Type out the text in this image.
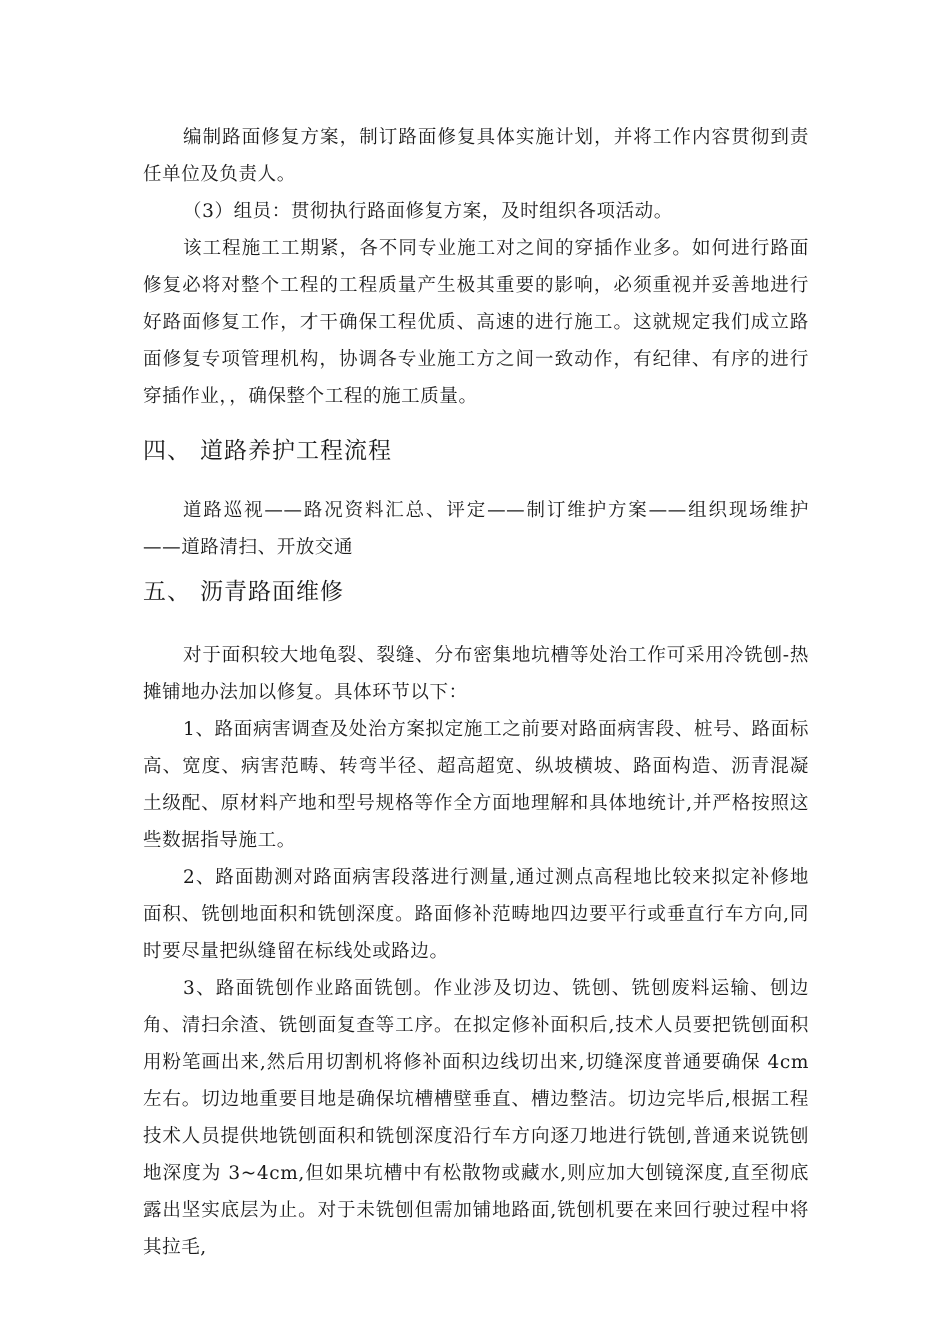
编制路面修复方案，制订路面修复具体实施计划，并将工作内容贯彻到责任单位及负责人。

（3）组员：贯彻执行路面修复方案，及时组织各项活动。

该工程施工工期紧，各不同专业施工对之间的穿插作业多。如何进行路面修复必将对整个工程的工程质量产生极其重要的影响，必须重视并妥善地进行好路面修复工作，才干确保工程优质、高速的进行施工。这就规定我们成立路面修复专项管理机构，协调各专业施工方之间一致动作，有纪律、有序的进行穿插作业，，确保整个工程的施工质量。

四、 道路养护工程流程

道路巡视——路况资料汇总、评定——制订维护方案——组织现场维护——道路清扫、开放交通

五、 沥青路面维修

对于面积较大地龟裂、裂缝、分布密集地坑槽等处治工作可采用冷铣刨-热摊铺地办法加以修复。具体环节以下：

1、路面病害调查及处治方案拟定施工之前要对路面病害段、桩号、路面标高、宽度、病害范畴、转弯半径、超高超宽、纵坡横坡、路面构造、沥青混凝土级配、原材料产地和型号规格等作全方面地理解和具体地统计,并严格按照这些数据指导施工。

2、路面勘测对路面病害段落进行测量,通过测点高程地比较来拟定补修地面积、铣刨地面积和铣刨深度。路面修补范畴地四边要平行或垂直行车方向,同时要尽量把纵缝留在标线处或路边。

3、路面铣刨作业路面铣刨。作业涉及切边、铣刨、铣刨废料运输、刨边角、清扫余渣、铣刨面复查等工序。在拟定修补面积后,技术人员要把铣刨面积用粉笔画出来,然后用切割机将修补面积边线切出来,切缝深度普通要确保 4cm 左右。切边地重要目地是确保坑槽槽壁垂直、槽边整洁。切边完毕后,根据工程技术人员提供地铣刨面积和铣刨深度沿行车方向逐刀地进行铣刨,普通来说铣刨地深度为 3~4cm,但如果坑槽中有松散物或藏水,则应加大刨镜深度,直至彻底露出坚实底层为止。对于未铣刨但需加铺地路面,铣刨机要在来回行驶过程中将其拉毛,
